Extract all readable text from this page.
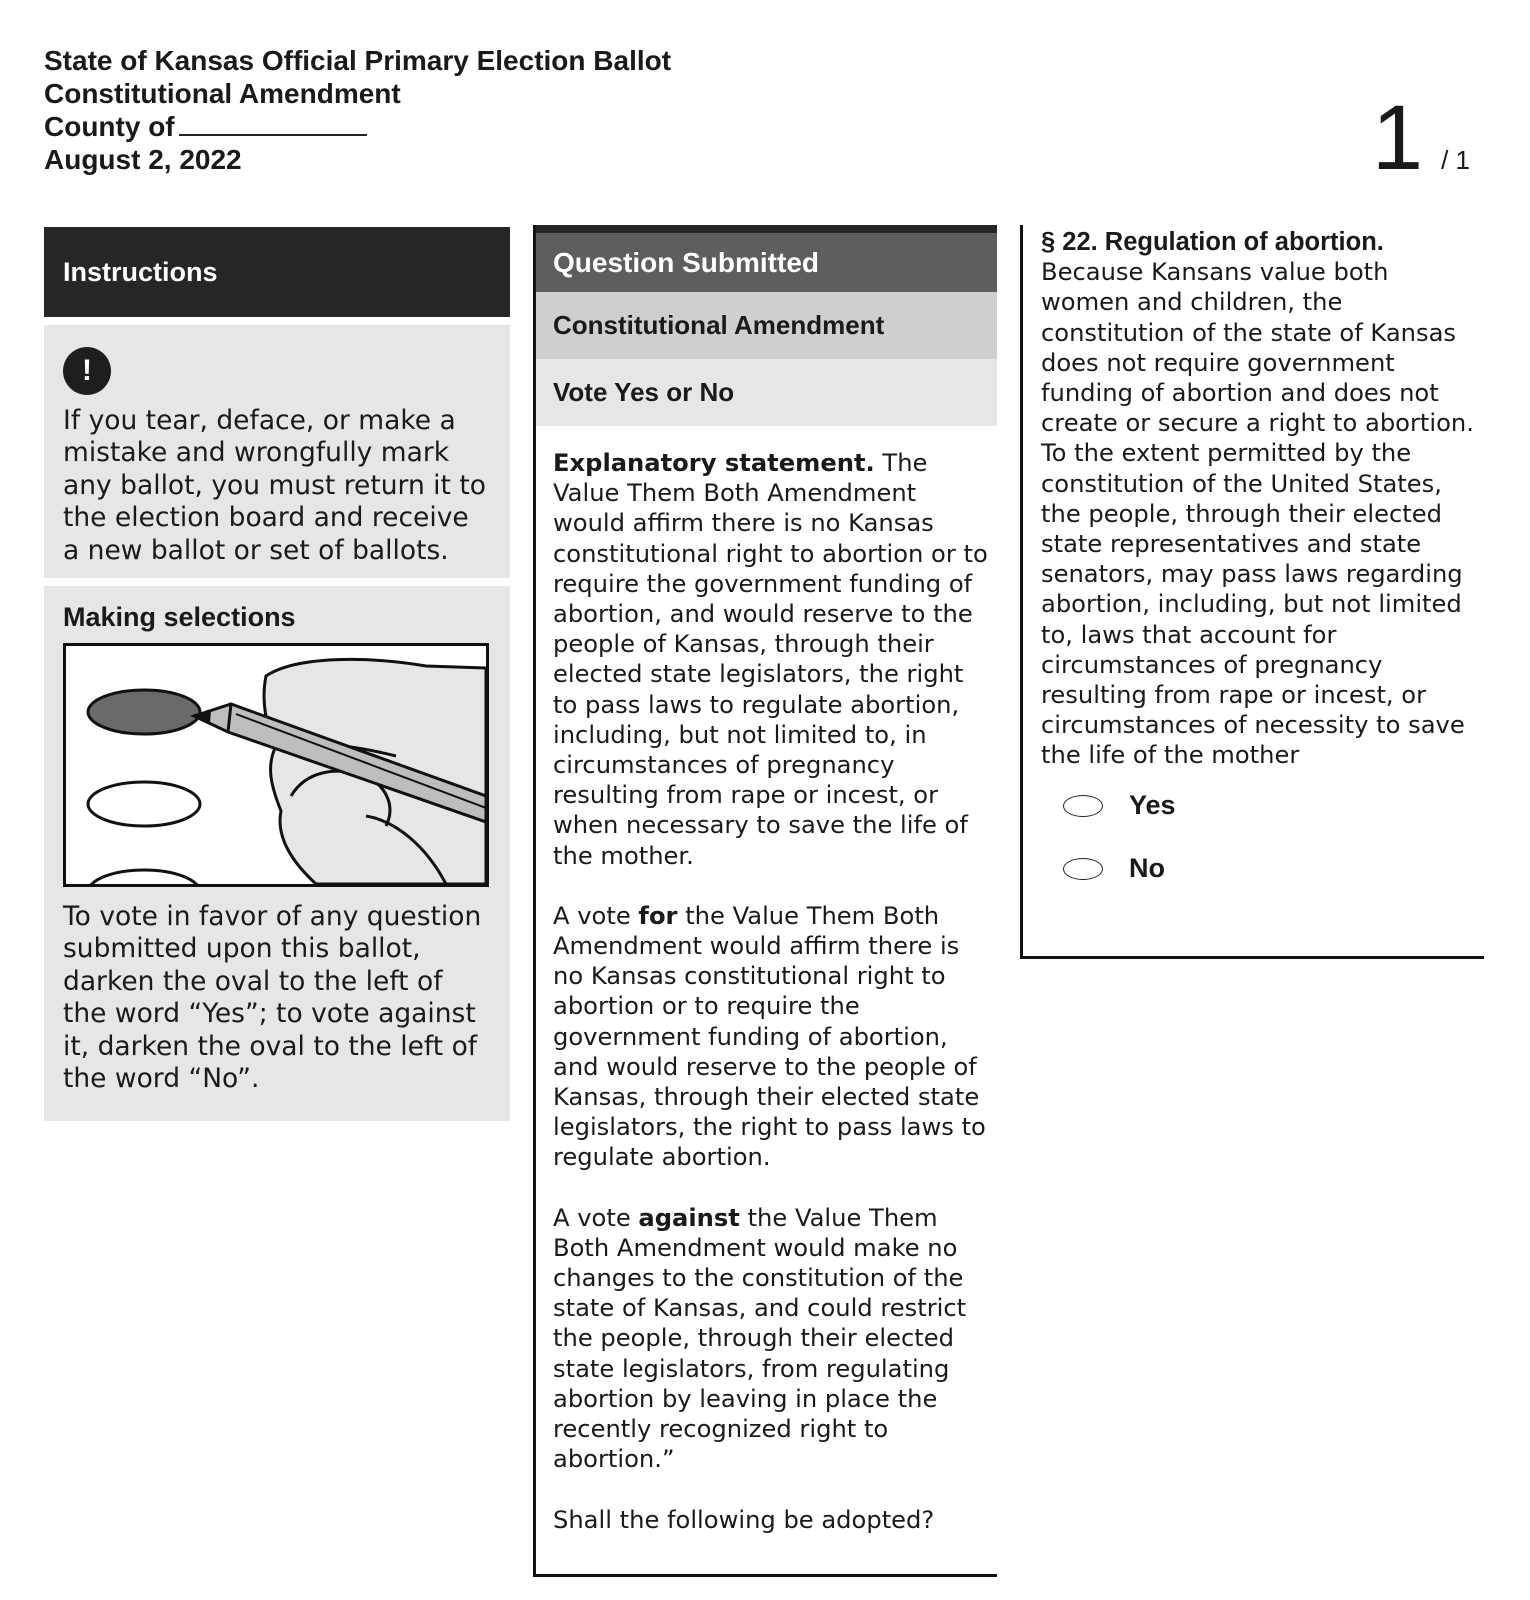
State of Kansas Official Primary Election Ballot
Constitutional Amendment
County of
August 2, 2022	1 / 1
Instructions
!

If you tear, deface, or make a mistake and wrongfully mark any ballot, you must return it to the election board and receive a new ballot or set of ballots.

Making selections

To vote in favor of any question submitted upon this ballot, darken the oval to the left of the word “Yes”; to vote against it, darken the oval to the left of the word “No”.

Question Submitted
Constitutional Amendment
Vote Yes or No

Explanatory statement. The Value Them Both Amendment would affirm there is no Kansas constitutional right to abortion or to require the government funding of abortion, and would reserve to the people of Kansas, through their elected state legislators, the right to pass laws to regulate abortion, including, but not limited to, in circumstances of pregnancy resulting from rape or incest, or when necessary to save the life of the mother.

A vote for the Value Them Both Amendment would affirm there is no Kansas constitutional right to abortion or to require the government funding of abortion, and would reserve to the people of Kansas, through their elected state legislators, the right to pass laws to regulate abortion.

A vote against the Value Them Both Amendment would make no changes to the constitution of the state of Kansas, and could restrict the people, through their elected state legislators, from regulating abortion by leaving in place the recently recognized right to abortion.”

Shall the following be adopted?

§ 22. Regulation of abortion.
Because Kansans value both women and children, the constitution of the state of Kansas does not require government funding of abortion and does not create or secure a right to abortion. To the extent permitted by the constitution of the United States, the people, through their elected state representatives and state senators, may pass laws regarding abortion, including, but not limited to, laws that account for circumstances of pregnancy resulting from rape or incest, or circumstances of necessity to save the life of the mother
Yes
No
